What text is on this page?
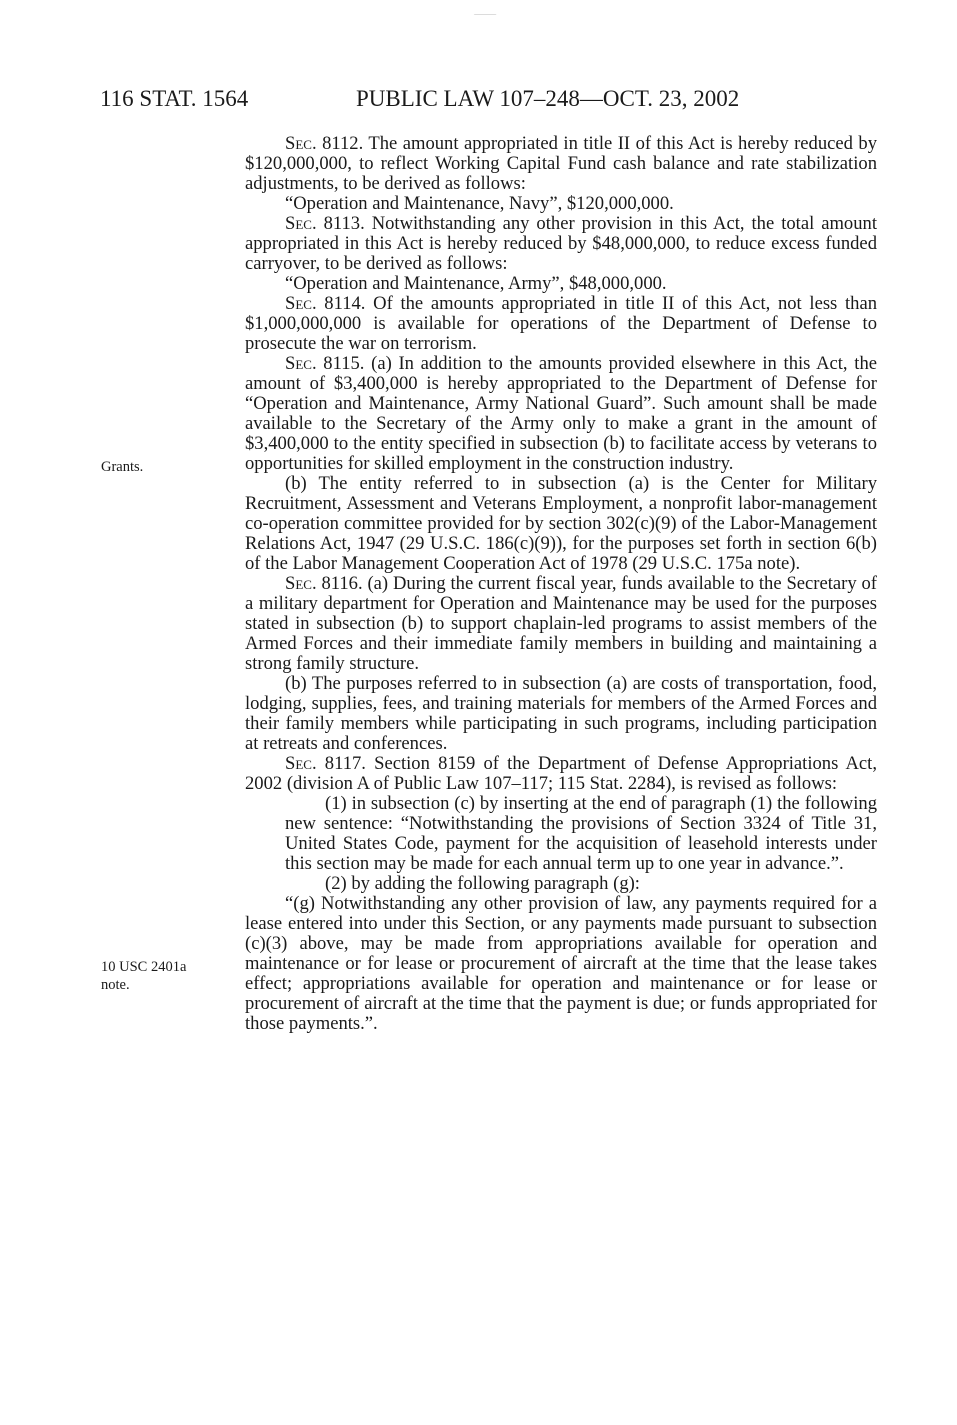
116 STAT. 1564	PUBLIC LAW 107–248—OCT. 23, 2002
Grants.
10 USC 2401a
note.

Sec. 8112. The amount appropriated in title II of this Act is hereby reduced by $120,000,000, to reflect Working Capital Fund cash balance and rate stabilization adjustments, to be derived as follows:

“Operation and Maintenance, Navy”, $120,000,000.

Sec. 8113. Notwithstanding any other provision in this Act, the total amount appropriated in this Act is hereby reduced by $48,000,000, to reduce excess funded carryover, to be derived as follows:

“Operation and Maintenance, Army”, $48,000,000.

Sec. 8114. Of the amounts appropriated in title II of this Act, not less than $1,000,000,000 is available for operations of the Department of Defense to prosecute the war on terrorism.

Sec. 8115. (a) In addition to the amounts provided elsewhere in this Act, the amount of $3,400,000 is hereby appropriated to the Department of Defense for “Operation and Maintenance, Army National Guard”. Such amount shall be made available to the Secretary of the Army only to make a grant in the amount of $3,400,000 to the entity specified in subsection (b) to facilitate access by veterans to opportunities for skilled employment in the construction industry.

(b) The entity referred to in subsection (a) is the Center for Military Recruitment, Assessment and Veterans Employment, a nonprofit labor-management co-operation committee provided for by section 302(c)(9) of the Labor-Management Relations Act, 1947 (29 U.S.C. 186(c)(9)), for the purposes set forth in section 6(b) of the Labor Management Cooperation Act of 1978 (29 U.S.C. 175a note).

Sec. 8116. (a) During the current fiscal year, funds available to the Secretary of a military department for Operation and Maintenance may be used for the purposes stated in subsection (b) to support chaplain-led programs to assist members of the Armed Forces and their immediate family members in building and maintaining a strong family structure.

(b) The purposes referred to in subsection (a) are costs of transportation, food, lodging, supplies, fees, and training materials for members of the Armed Forces and their family members while participating in such programs, including participation at retreats and conferences.

Sec. 8117. Section 8159 of the Department of Defense Appropriations Act, 2002 (division A of Public Law 107–117; 115 Stat. 2284), is revised as follows:

(1) in subsection (c) by inserting at the end of paragraph (1) the following new sentence: “Notwithstanding the provisions of Section 3324 of Title 31, United States Code, payment for the acquisition of leasehold interests under this section may be made for each annual term up to one year in advance.”.

(2) by adding the following paragraph (g):

“(g) Notwithstanding any other provision of law, any payments required for a lease entered into under this Section, or any payments made pursuant to subsection (c)(3) above, may be made from appropriations available for operation and maintenance or for lease or procurement of aircraft at the time that the lease takes effect; appropriations available for operation and maintenance or for lease or procurement of aircraft at the time that the payment is due; or funds appropriated for those payments.”.
